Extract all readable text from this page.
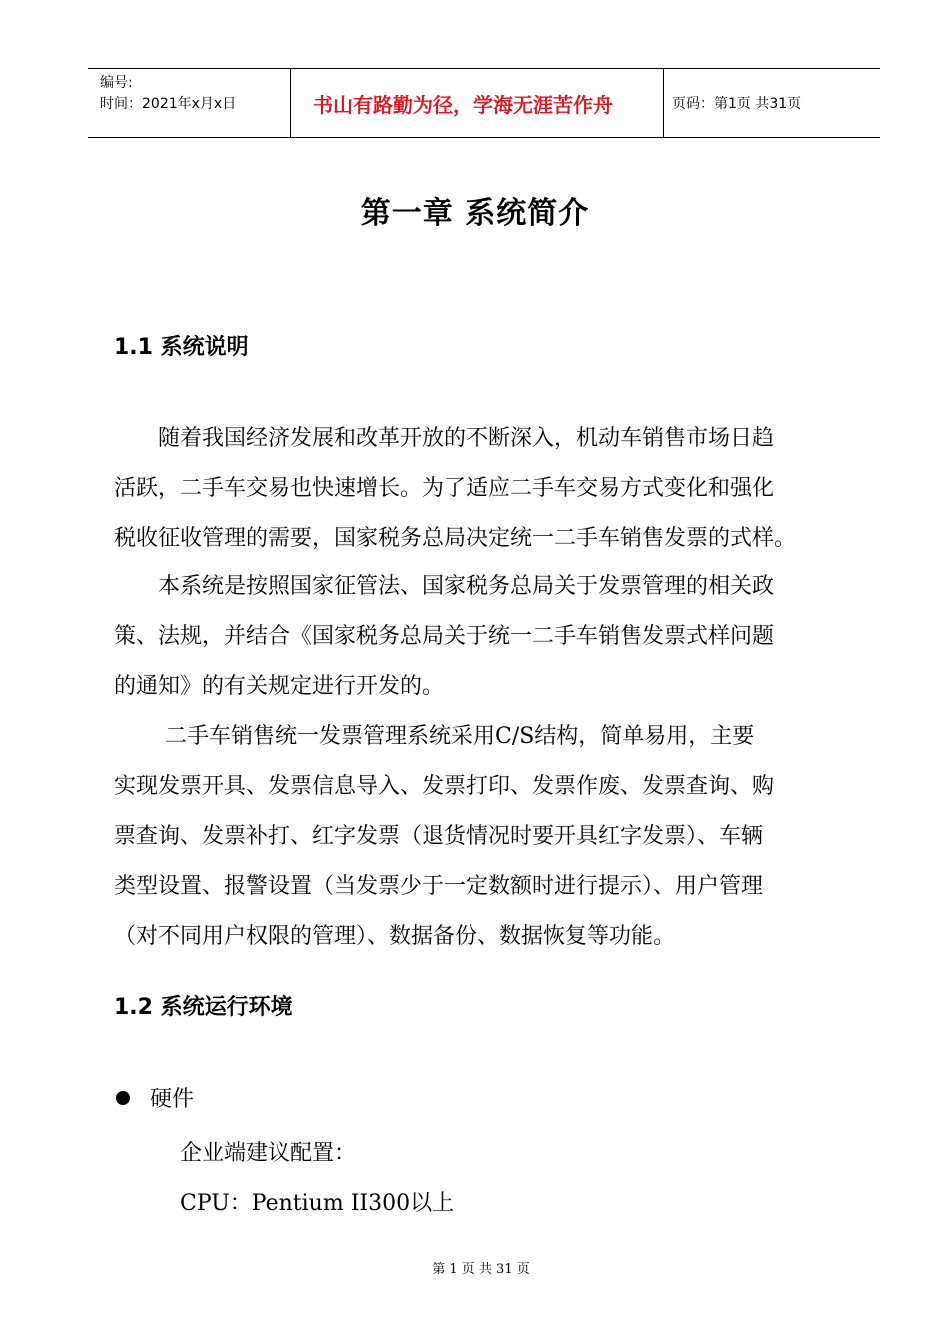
编号:
时间：2021年x月x日	书山有路勤为径，学海无涯苦作舟	页码：第1页 共31页
第一章 系统简介
1.1 系统说明
　　随着我国经济发展和改革开放的不断深入，机动车销售市场日趋
活跃，二手车交易也快速增长。为了适应二手车交易方式变化和强化
税收征收管理的需要，国家税务总局决定统一二手车销售发票的式样。
　　本系统是按照国家征管法、国家税务总局关于发票管理的相关政
策、法规，并结合《国家税务总局关于统一二手车销售发票式样问题
的通知》的有关规定进行开发的。
　　 二手车销售统一发票管理系统采用C/S结构，简单易用，主要
实现发票开具、发票信息导入、发票打印、发票作废、发票查询、购
票查询、发票补打、红字发票（退货情况时要开具红字发票）、车辆
类型设置、报警设置（当发票少于一定数额时进行提示）、用户管理
（对不同用户权限的管理）、数据备份、数据恢复等功能。
1.2 系统运行环境
硬件
企业端建议配置：
CPU：Pentium II300以上
第 1 页 共 31 页
